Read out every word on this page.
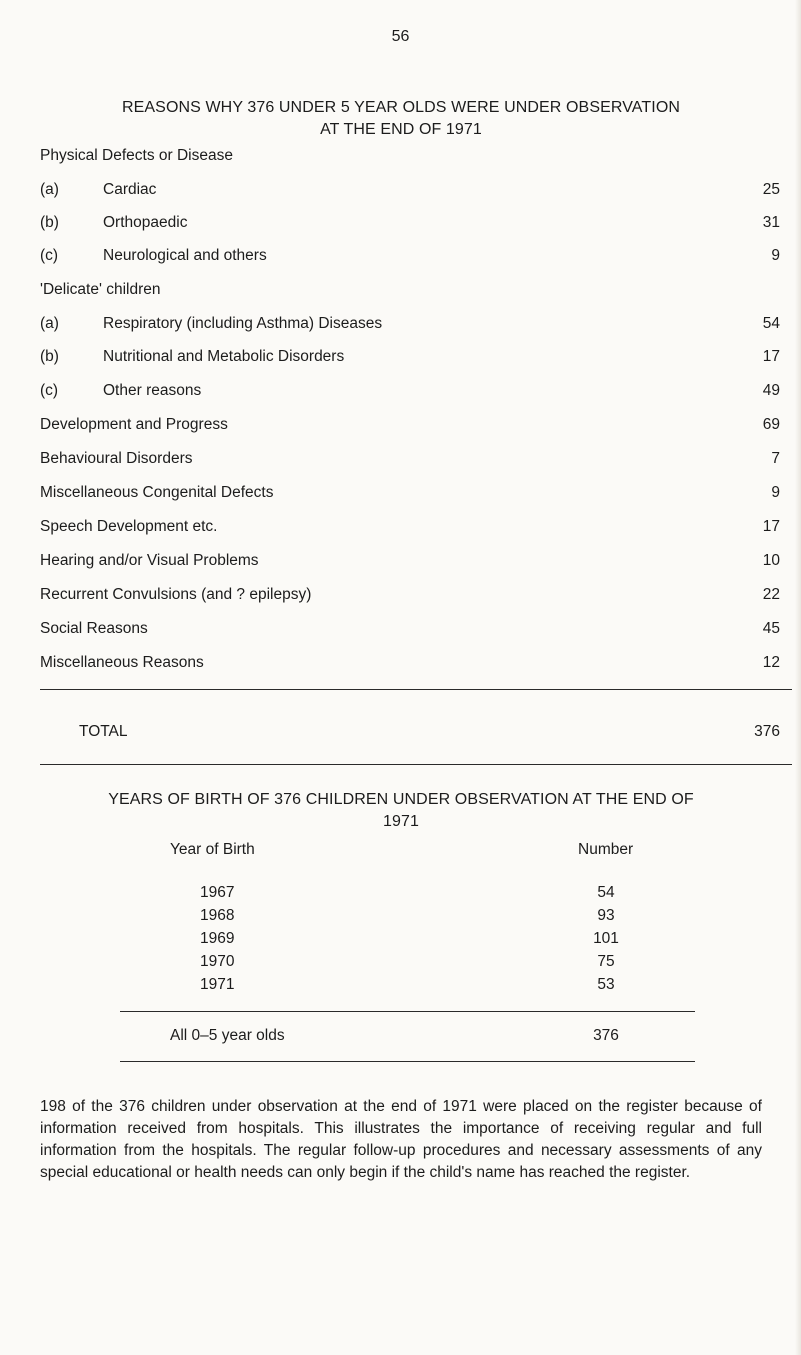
56
REASONS WHY 376 UNDER 5 YEAR OLDS WERE UNDER OBSERVATION
AT THE END OF 1971
Physical Defects or Disease
(a)	Cardiac	25
(b)	Orthopaedic	31
(c)	Neurological and others	9
'Delicate' children
(a)	Respiratory (including Asthma) Diseases	54
(b)	Nutritional and Metabolic Disorders	17
(c)	Other reasons	49
Development and Progress	69
Behavioural Disorders	7
Miscellaneous Congenital Defects	9
Speech Development etc.	17
Hearing and/or Visual Problems	10
Recurrent Convulsions (and ? epilepsy)	22
Social Reasons	45
Miscellaneous Reasons	12
TOTAL	376
YEARS OF BIRTH OF 376 CHILDREN UNDER OBSERVATION AT THE END OF
1971
Year of Birth	Number
1967	54
1968	93
1969	101
1970	75
1971	53
All 0–5 year olds	376
198 of the 376 children under observation at the end of 1971 were placed on the register because of information received from hospitals. This illustrates the importance of receiving regular and full information from the hospitals. The regular follow-up procedures and necessary assessments of any special educational or health needs can only begin if the child's name has reached the register.
